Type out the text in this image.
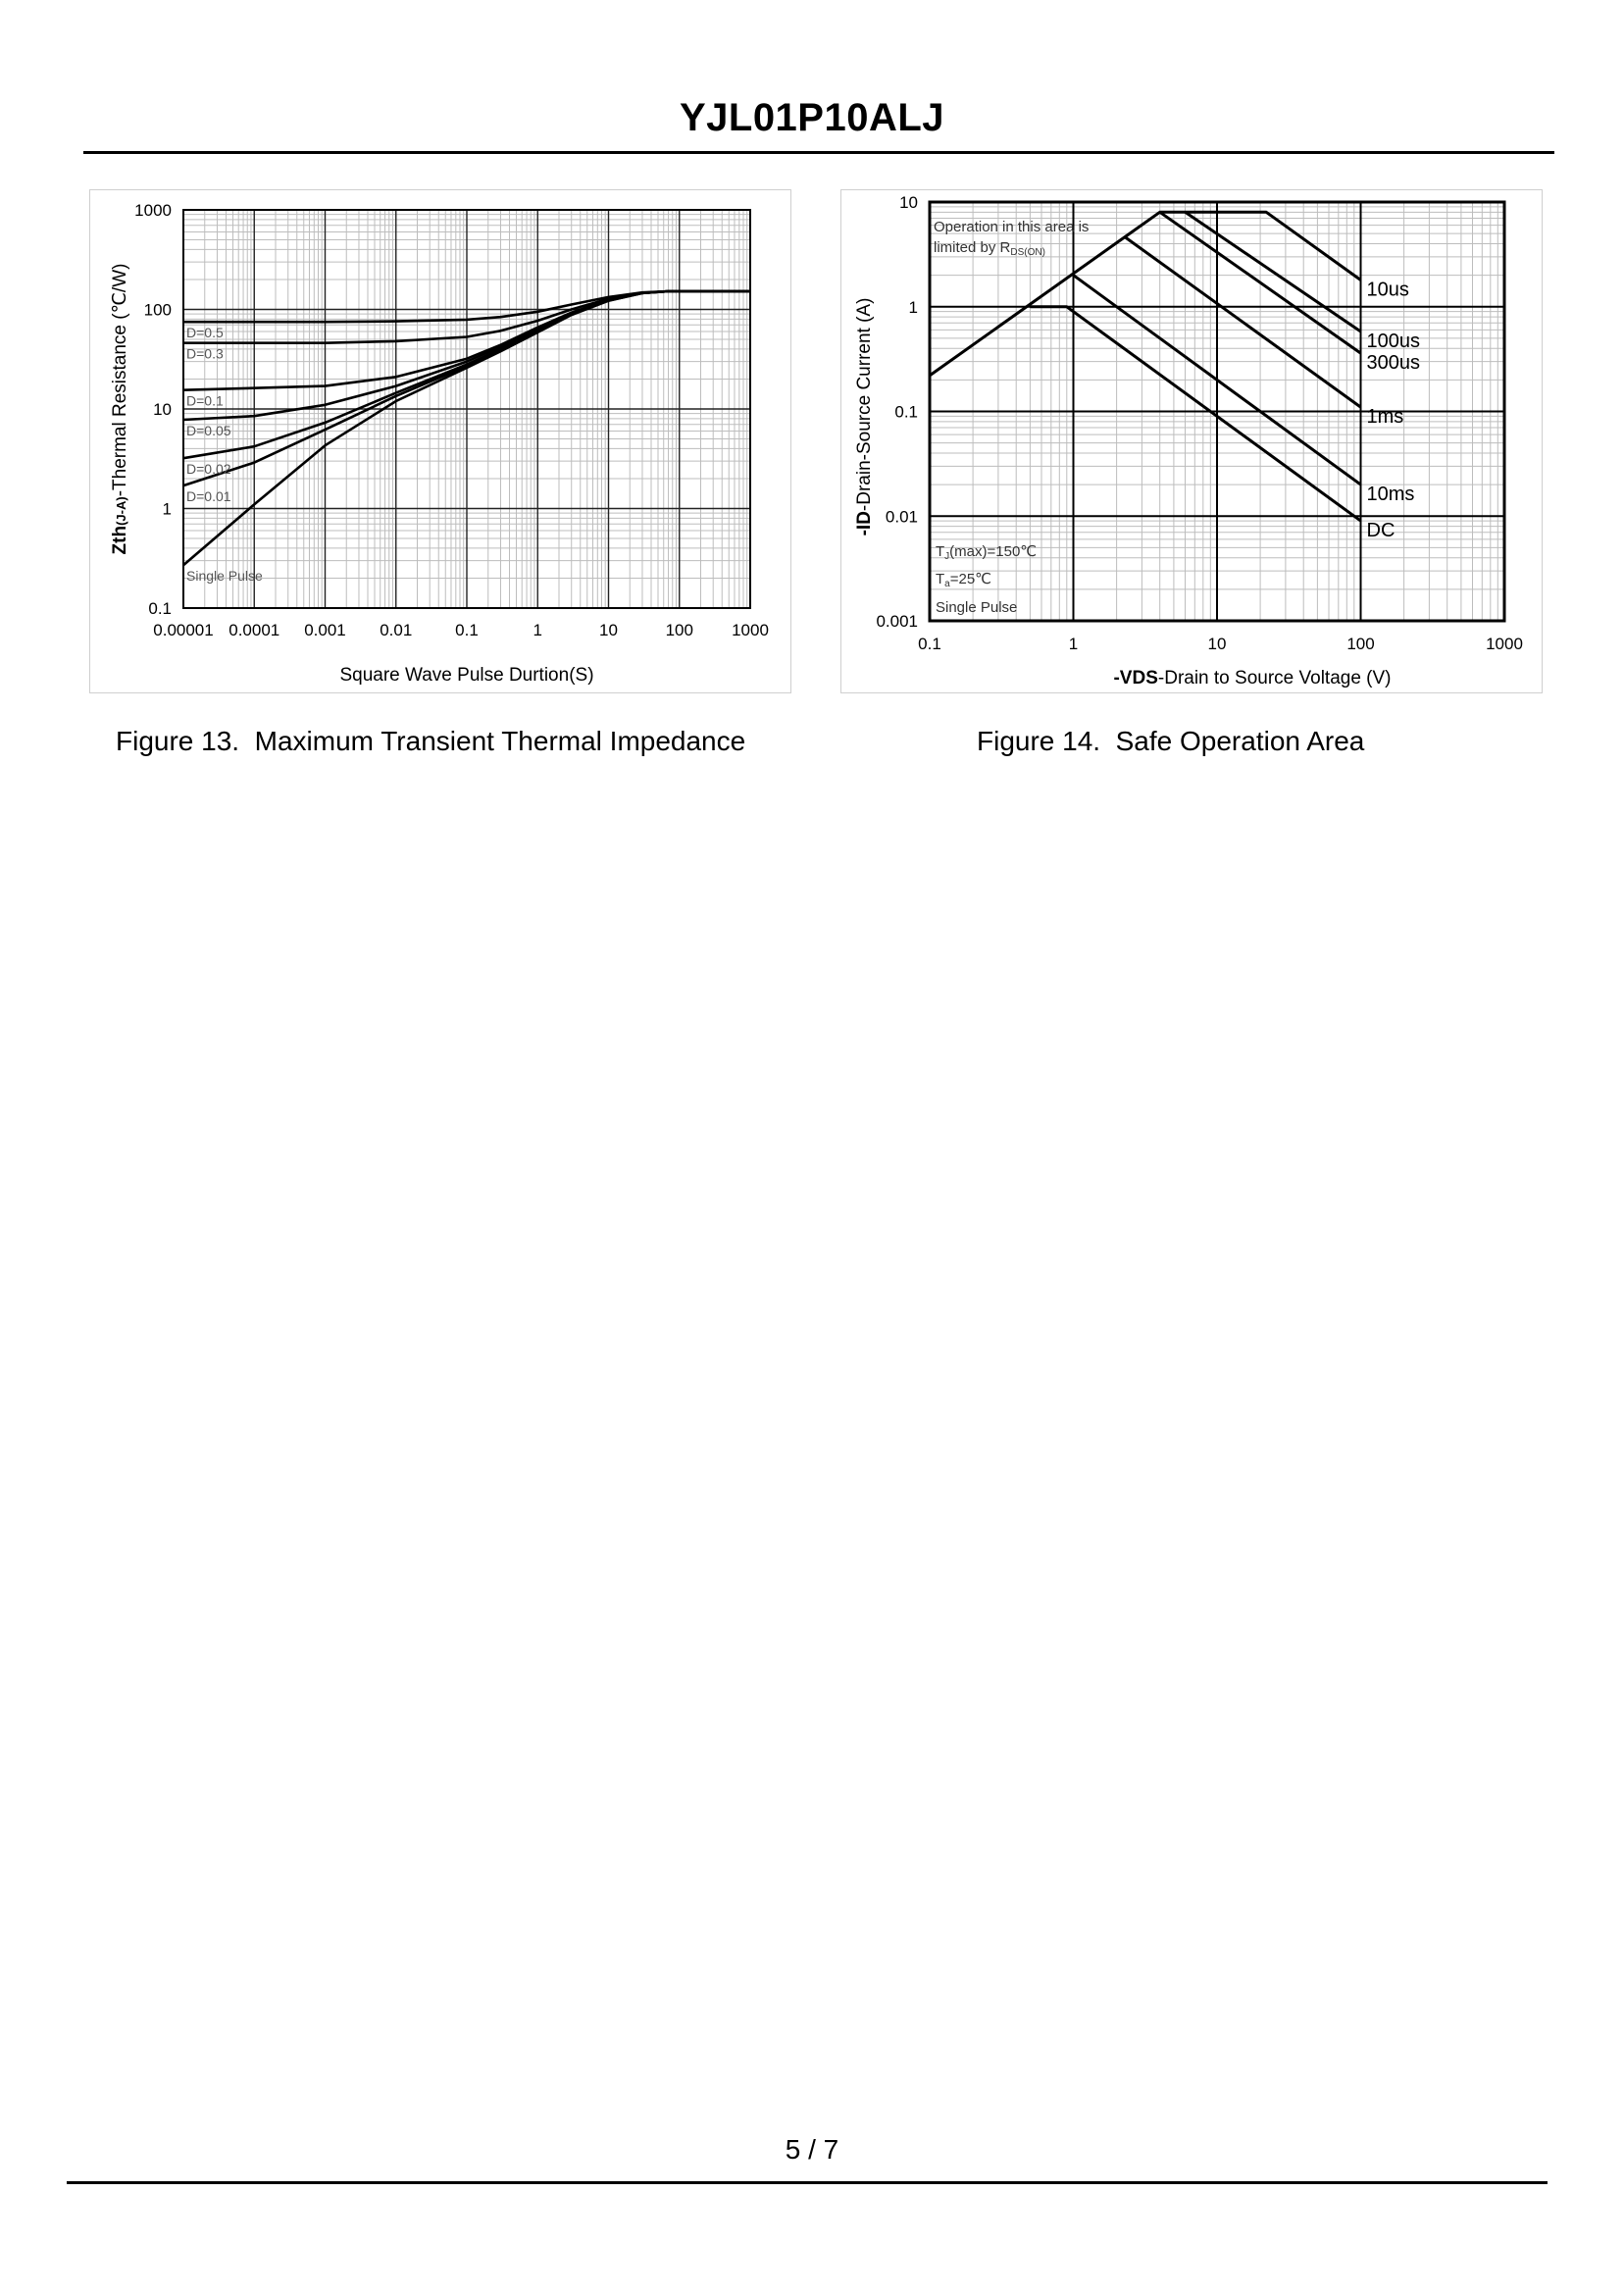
YJL01P10ALJ
0.00001 0.0001 0.001 0.01	0.1	1	10	100 1000
0.1
1
10
100
1000
D=0.5
D=0.3
D=0.1
D=0.05
D=0.02
D=0.01
Single Pulse
Square Wave Pulse Durtion(S)
Zth(J-A)-Thermal Resistance (℃/W)
Figure 13.  Maximum Transient Thermal Impedance
0.1	1	10	100	1000
0.001
0.01
0.1
1
10
10us
100us
300us
1ms
10ms
DC
Operation in this area is
limited by $R_{DS(ON)}$
$T_J(\max)=150℃$
$T_a=25℃$
Single Pulse
-VDS-Drain to Source Voltage (V)
-ID-Drain-Source Current (A)
Figure 14.  Safe Operation Area
5 / 7
